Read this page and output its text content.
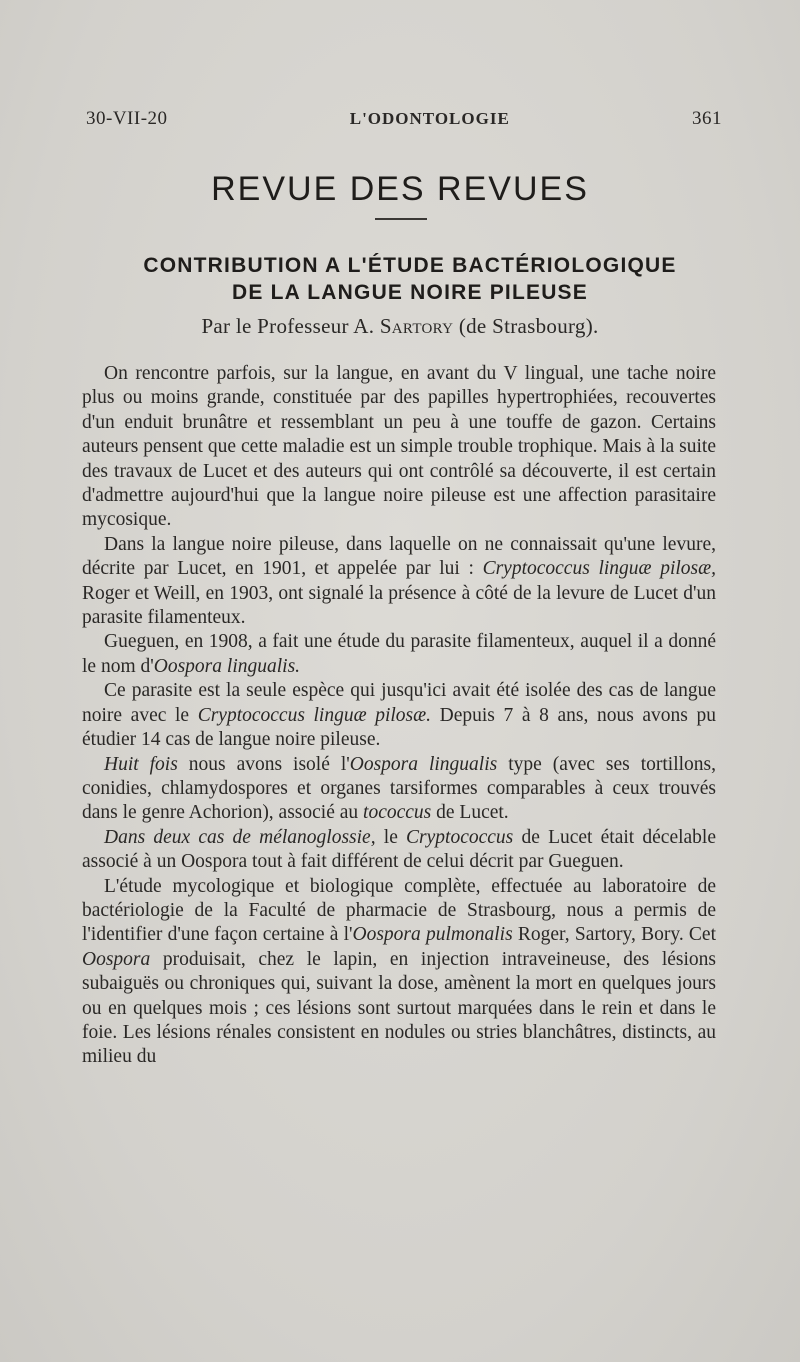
30-VII-20	L'ODONTOLOGIE	361
REVUE DES REVUES
CONTRIBUTION A L'ÉTUDE BACTÉRIOLOGIQUE
DE LA LANGUE NOIRE PILEUSE
Par le Professeur A. Sartory (de Strasbourg).

On rencontre parfois, sur la langue, en avant du V lingual, une tache noire plus ou moins grande, constituée par des papilles hypertrophiées, recouvertes d'un enduit brunâtre et ressemblant un peu à une touffe de gazon. Certains auteurs pensent que cette maladie est un simple trouble trophique. Mais à la suite des travaux de Lucet et des auteurs qui ont contrôlé sa découverte, il est certain d'admettre aujourd'hui que la langue noire pileuse est une affection parasitaire mycosique.

Dans la langue noire pileuse, dans laquelle on ne connaissait qu'une levure, décrite par Lucet, en 1901, et appelée par lui : Cryptococcus linguæ pilosæ, Roger et Weill, en 1903, ont signalé la présence à côté de la levure de Lucet d'un parasite filamenteux.

Gueguen, en 1908, a fait une étude du parasite filamenteux, auquel il a donné le nom d'Oospora lingualis.

Ce parasite est la seule espèce qui jusqu'ici avait été isolée des cas de langue noire avec le Cryptococcus linguæ pilosæ. Depuis 7 à 8 ans, nous avons pu étudier 14 cas de langue noire pileuse.

Huit fois nous avons isolé l'Oospora lingualis type (avec ses tortillons, conidies, chlamydospores et organes tarsiformes comparables à ceux trouvés dans le genre Achorion), associé au tococcus de Lucet.

Dans deux cas de mélanoglossie, le Cryptococcus de Lucet était décelable associé à un Oospora tout à fait différent de celui décrit par Gueguen.

L'étude mycologique et biologique complète, effectuée au laboratoire de bactériologie de la Faculté de pharmacie de Strasbourg, nous a permis de l'identifier d'une façon certaine à l'Oospora pulmonalis Roger, Sartory, Bory. Cet Oospora produisait, chez le lapin, en injection intraveineuse, des lésions subaiguës ou chroniques qui, suivant la dose, amènent la mort en quelques jours ou en quelques mois ; ces lésions sont surtout marquées dans le rein et dans le foie. Les lésions rénales consistent en nodules ou stries blanchâtres, distincts, au milieu du
